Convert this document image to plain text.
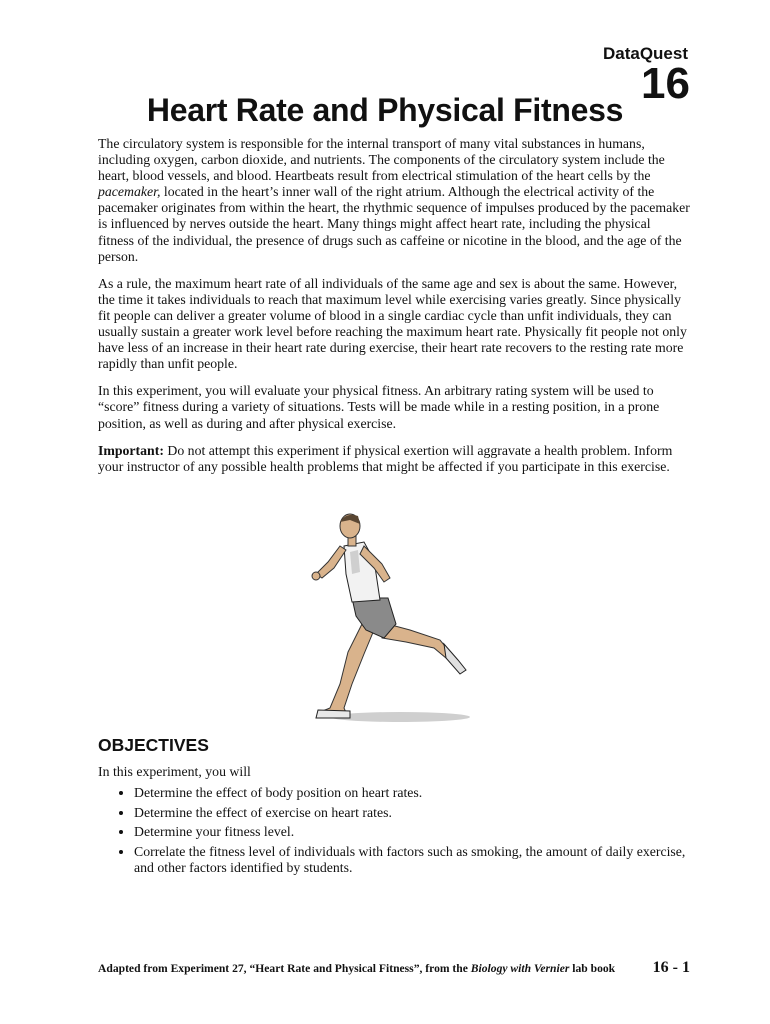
DataQuest
16
Heart Rate and Physical Fitness

The circulatory system is responsible for the internal transport of many vital substances in humans, including oxygen, carbon dioxide, and nutrients. The components of the circulatory system include the heart, blood vessels, and blood. Heartbeats result from electrical stimulation of the heart cells by the pacemaker, located in the heart’s inner wall of the right atrium. Although the electrical activity of the pacemaker originates from within the heart, the rhythmic sequence of impulses produced by the pacemaker is influenced by nerves outside the heart. Many things might affect heart rate, including the physical fitness of the individual, the presence of drugs such as caffeine or nicotine in the blood, and the age of the person.

As a rule, the maximum heart rate of all individuals of the same age and sex is about the same. However, the time it takes individuals to reach that maximum level while exercising varies greatly. Since physically fit people can deliver a greater volume of blood in a single cardiac cycle than unfit individuals, they can usually sustain a greater work level before reaching the maximum heart rate. Physically fit people not only have less of an increase in their heart rate during exercise, their heart rate recovers to the resting rate more rapidly than unfit people.

In this experiment, you will evaluate your physical fitness. An arbitrary rating system will be used to “score” fitness during a variety of situations. Tests will be made while in a resting position, in a prone position, as well as during and after physical exercise.

Important: Do not attempt this experiment if physical exertion will aggravate a health problem. Inform your instructor of any possible health problems that might be affected if you participate in this exercise.

OBJECTIVES

In this experiment, you will

• Determine the effect of body position on heart rates.
• Determine the effect of exercise on heart rates.
• Determine your fitness level.
• Correlate the fitness level of individuals with factors such as smoking, the amount of daily exercise, and other factors identified by students.
Adapted from Experiment 27, “Heart Rate and Physical Fitness”, from the Biology with Vernier lab book 16 - 1
